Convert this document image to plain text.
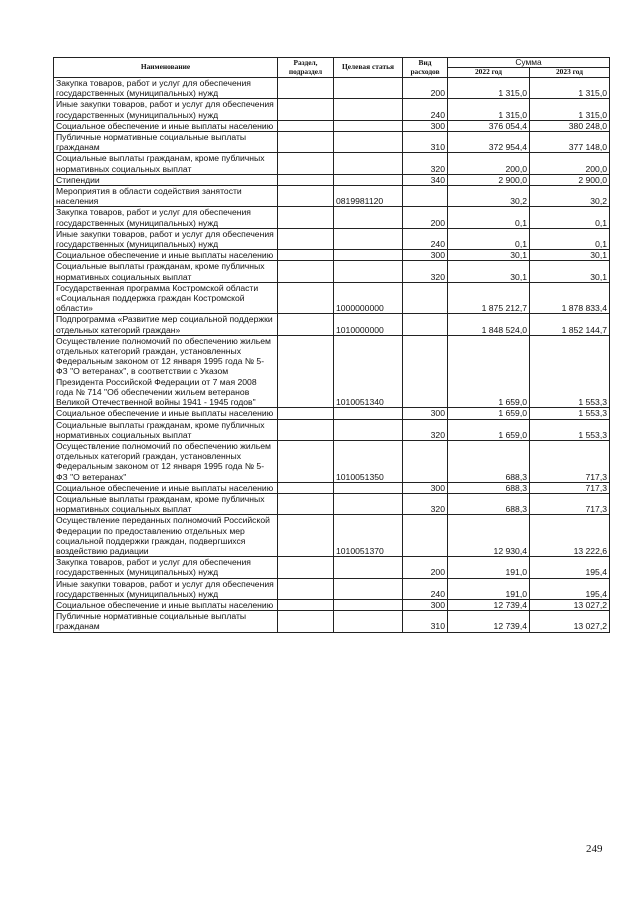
Наименование	Раздел, подраздел	Целевая статья	Вид расходов	Сумма	
				2022 год	2023 год
Закупка товаров, работ и услуг для обеспечения государственных (муниципальных) нужд			200	1 315,0	1 315,0
Иные закупки товаров, работ и услуг для обеспечения государственных (муниципальных) нужд			240	1 315,0	1 315,0
Социальное обеспечение и иные выплаты населению			300	376 054,4	380 248,0
Публичные нормативные социальные выплаты гражданам			310	372 954,4	377 148,0
Социальные выплаты гражданам, кроме публичных нормативных социальных выплат			320	200,0	200,0
Стипендии			340	2 900,0	2 900,0
Мероприятия в области содействия занятости населения		0819981120		30,2	30,2
Закупка товаров, работ и услуг для обеспечения государственных (муниципальных) нужд			200	0,1	0,1
Иные закупки товаров, работ и услуг для обеспечения государственных (муниципальных) нужд			240	0,1	0,1
Социальное обеспечение и иные выплаты населению			300	30,1	30,1
Социальные выплаты гражданам, кроме публичных нормативных социальных выплат			320	30,1	30,1
Государственная программа Костромской области «Социальная поддержка граждан Костромской области»		1000000000		1 875 212,7	1 878 833,4
Подпрограмма «Развитие мер социальной поддержки отдельных категорий граждан»		1010000000		1 848 524,0	1 852 144,7
Осуществление полномочий по обеспечению жильем отдельных категорий граждан, установленных Федеральным законом от 12 января 1995 года № 5-ФЗ "О ветеранах", в соответствии с Указом Президента Российской Федерации от 7 мая 2008 года № 714 "Об обеспечении жильем ветеранов Великой Отечественной войны 1941 - 1945 годов"		1010051340		1 659,0	1 553,3
Социальное обеспечение и иные выплаты населению			300	1 659,0	1 553,3
Социальные выплаты гражданам, кроме публичных нормативных социальных выплат			320	1 659,0	1 553,3
Осуществление полномочий по обеспечению жильем отдельных категорий граждан, установленных Федеральным законом от 12 января 1995 года № 5-ФЗ "О ветеранах"		1010051350		688,3	717,3
Социальное обеспечение и иные выплаты населению			300	688,3	717,3
Социальные выплаты гражданам, кроме публичных нормативных социальных выплат			320	688,3	717,3
Осуществление переданных полномочий Российской Федерации по предоставлению отдельных мер социальной поддержки граждан, подвергшихся воздействию радиации		1010051370		12 930,4	13 222,6
Закупка товаров, работ и услуг для обеспечения государственных (муниципальных) нужд			200	191,0	195,4
Иные закупки товаров, работ и услуг для обеспечения государственных (муниципальных) нужд			240	191,0	195,4
Социальное обеспечение и иные выплаты населению			300	12 739,4	13 027,2
Публичные нормативные социальные выплаты гражданам			310	12 739,4	13 027,2
249
